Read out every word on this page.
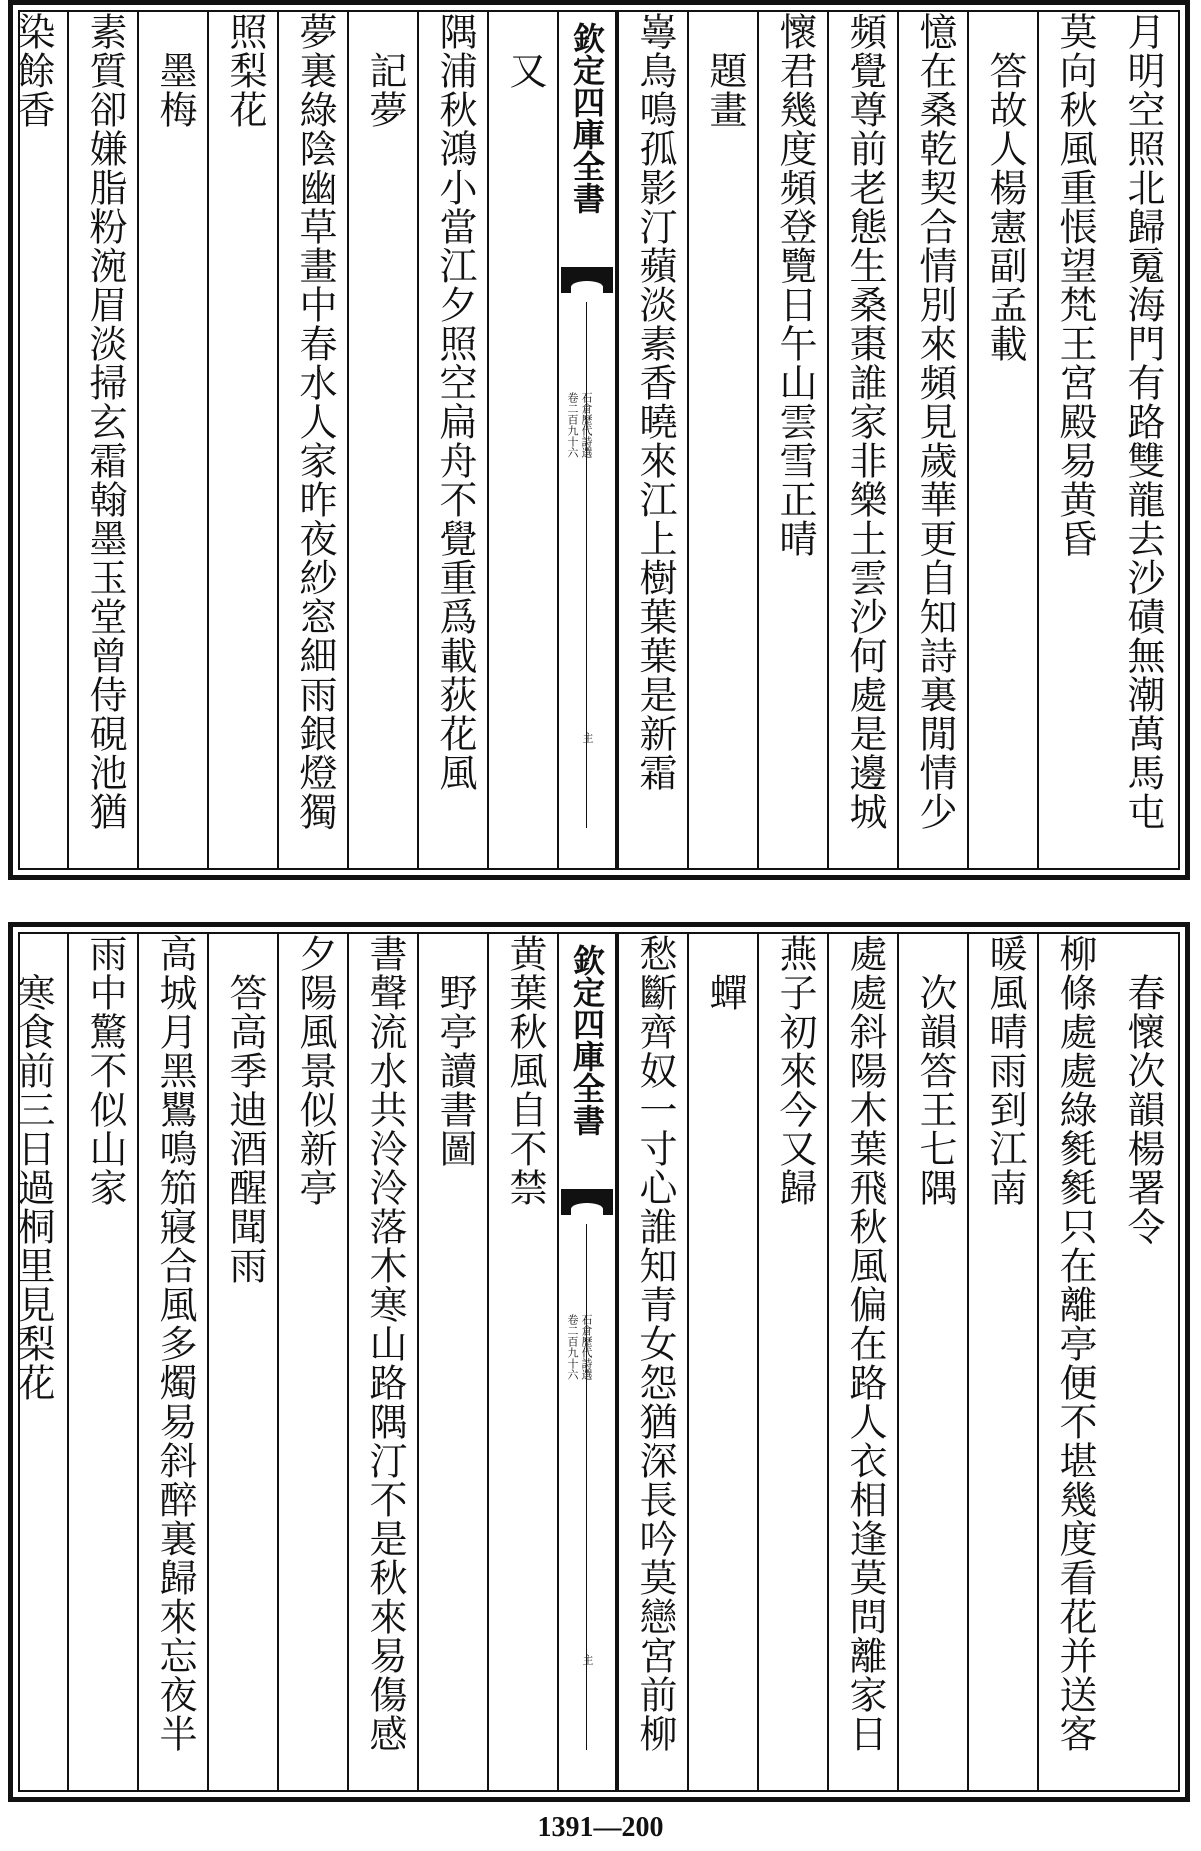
月明空照北歸䰟海門有路雙龍去沙磧無潮萬馬屯
莫向秋風重悵望梵王宮殿易黄昏
　答故人楊憲副孟載
憶在桑乾契合情別來頻見歲華更自知詩裏閒情少
頻覺尊前老態生桑棗誰家非樂土雲沙何處是邊城
懷君幾度頻登覽日午山雲雪正晴
　題畫
㠋鳥鳴孤影汀蘋淡素香曉來江上樹葉葉是新霜
欽定四庫全書
石倉歷代詩選
卷二百九十六
主
　又
隅浦秋鴻小當江夕照空扁舟不覺重爲載荻花風
　記夢
夢裏綠陰幽草畫中春水人家昨夜紗窓細雨銀燈獨
照梨花
　墨梅
素質卻嫌脂粉涴眉淡掃玄霜翰墨玉堂曾侍硯池猶
染餘香
　春懷次韻楊署令
柳條處處綠毿毿只在離亭便不堪幾度看花并送客
暖風晴雨到江南
　次韻答王七隅
處處斜陽木葉飛秋風偏在路人衣相逢莫問離家日
燕子初來今又歸
　蟬
愁斷齊奴一寸心誰知青女怨猶深長吟莫戀宮前柳
欽定四庫全書
石倉歷代詩選
卷二百九十六
主
黄葉秋風自不禁
　野亭讀書圖
書聲流水共泠泠落木寒山路隅汀不是秋來易傷感
夕陽風景似新亭
　答高季迪酒醒聞雨
高城月黑鸎鳴笳寢合風多燭易斜醉裏歸來忘夜半
雨中驚不似山家
　寒食前三日過桐里見梨花
1391—200
